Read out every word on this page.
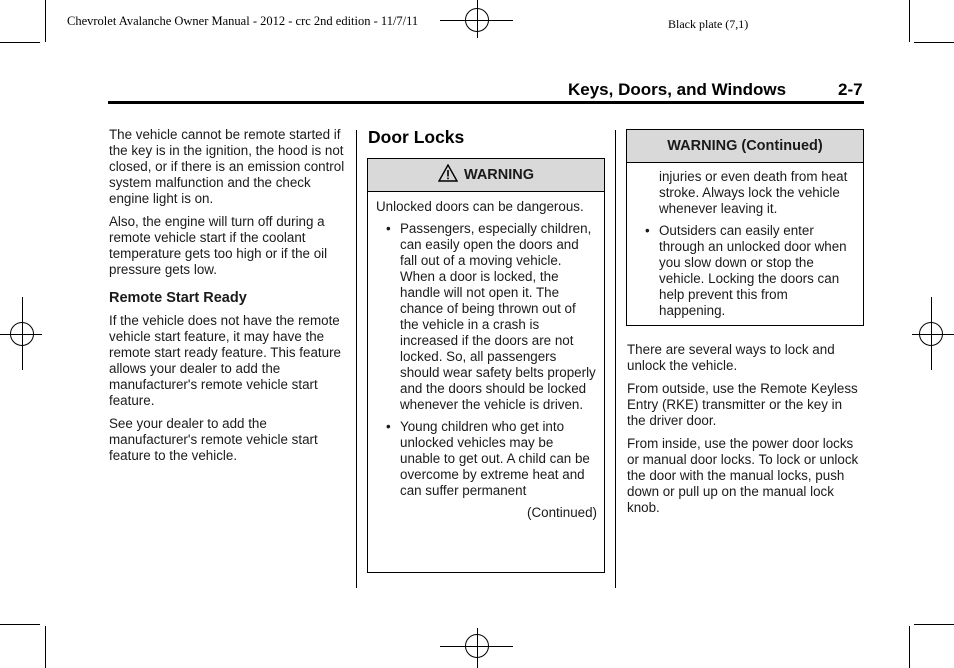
Chevrolet Avalanche Owner Manual - 2012 - crc 2nd edition - 11/7/11	Black plate (7,1)
Keys, Doors, and Windows	2-7

The vehicle cannot be remote started if the key is in the ignition, the hood is not closed, or if there is an emission control system malfunction and the check engine light is on.

Also, the engine will turn off during a remote vehicle start if the coolant temperature gets too high or if the oil pressure gets low.

Remote Start Ready

If the vehicle does not have the remote vehicle start feature, it may have the remote start ready feature. This feature allows your dealer to add the manufacturer's remote vehicle start feature.

See your dealer to add the manufacturer's remote vehicle start feature to the vehicle.

Door Locks
WARNING
Unlocked doors can be dangerous.
• Passengers, especially children, can easily open the doors and fall out of a moving vehicle. When a door is locked, the handle will not open it. The chance of being thrown out of the vehicle in a crash is increased if the doors are not locked. So, all passengers should wear safety belts properly and the doors should be locked whenever the vehicle is driven.
• Young children who get into unlocked vehicles may be unable to get out. A child can be overcome by extreme heat and can suffer permanent
(Continued)
WARNING (Continued)
injuries or even death from heat stroke. Always lock the vehicle whenever leaving it.
• Outsiders can easily enter through an unlocked door when you slow down or stop the vehicle. Locking the doors can help prevent this from happening.

There are several ways to lock and unlock the vehicle.

From outside, use the Remote Keyless Entry (RKE) transmitter or the key in the driver door.

From inside, use the power door locks or manual door locks. To lock or unlock the door with the manual locks, push down or pull up on the manual lock knob.
